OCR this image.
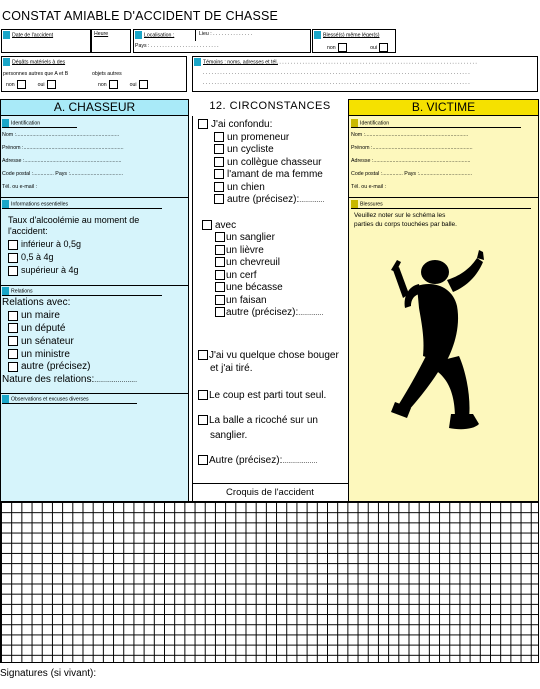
CONSTAT AMIABLE D'ACCIDENT DE CHASSE
Date de l'accident	Heure	Localisation :	Lieu : . . . . . . . . . . . . . .
Pays : . . . . . . . . . . . . . . . . . . . . . . . .
Blessé(s) même léger(s)
non	oui
Dégâts matériels à des
personnes autres que A et B	objets autres
non	oui	non	oui
Témoins : noms, adresses et tél. . . . . . . . . . . . . . . . . . . . . . . . . . . . . . . . . . . . . . . . . . . . . . . . . . . . . . . . . . . . . . . . . . . . . .
. . . . . . . . . . . . . . . . . . . . . . . . . . . . . . . . . . . . . . . . . . . . . . . . . . . . . . . . . . . . . . . . . . . . . . . . . . . . . . . . . . . . . . . . . . . . .
. . . . . . . . . . . . . . . . . . . . . . . . . . . . . . . . . . . . . . . . . . . . . . . . . . . . . . . . . . . . . . . . . . . . . . . . . . . . . . . . . . . . . . . . . . . . .
A. CHASSEUR	12. CIRCONSTANCES	B. VICTIME
Identification
Nom :......................................................................
Prénom :....................................................................
Adresse :..................................................................
Code postal :.............. Pays :....................................
Tél. ou e-mail :
Informations essentielles
Taux d'alcoolémie au moment de
l'accident:
inférieur à 0,5g
0,5 à 4g
supérieur à 4g
Relations
Relations avec:
un maire
un député
un sénateur
un ministre
autre (précisez)
Nature des relations:......................
Observations et excuses diverses
J'ai confondu:
un promeneur
un cycliste
un collègue chasseur
l'amant de ma femme
un chien
autre (précisez):.............
avec
un sanglier
un lièvre
un chevreuil
un cerf
une bécasse
un faisan
autre (précisez):.............
J'ai vu quelque chose bouger
et j'ai tiré.
Le coup est parti tout seul.
La balle a ricoché sur un
sanglier.
Autre (précisez):..................
Croquis de l'accident
Identification
Nom :......................................................................
Prénom :....................................................................
Adresse :..................................................................
Code postal :.............. Pays :....................................
Tél. ou e-mail :
Blessures
Veuillez noter sur le schéma les
parties du corps touchées par balle.
Signatures (si vivant):
